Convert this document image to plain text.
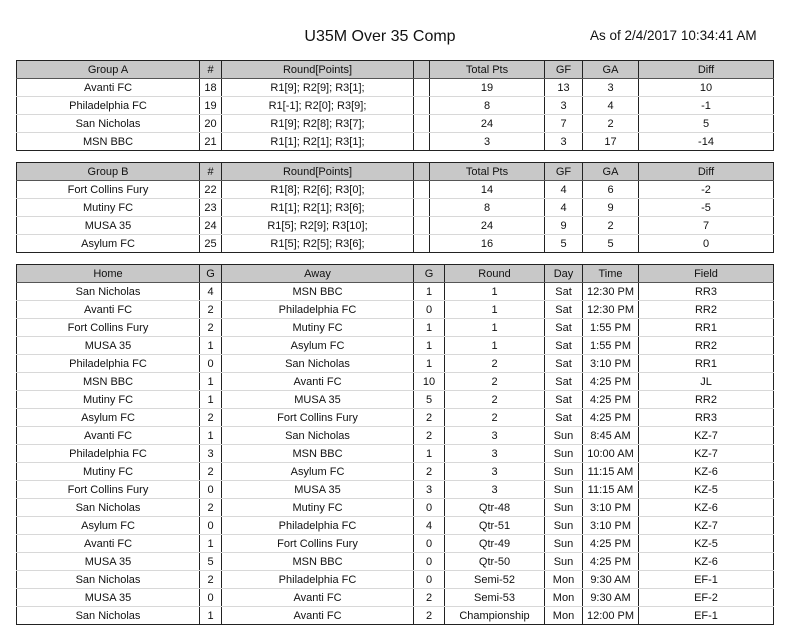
U35M Over 35 Comp	As of 2/4/2017 10:34:41 AM
Group A	#	Round[Points]		Total Pts	GF	GA	Diff
Avanti FC	18	R1[9]; R2[9]; R3[1];		19	13	3	10
Philadelphia FC	19	R1[-1]; R2[0]; R3[9];		8	3	4	-1
San Nicholas	20	R1[9]; R2[8]; R3[7];		24	7	2	5
MSN BBC	21	R1[1]; R2[1]; R3[1];		3	3	17	-14
Group B	#	Round[Points]		Total Pts	GF	GA	Diff
Fort Collins Fury	22	R1[8]; R2[6]; R3[0];		14	4	6	-2
Mutiny FC	23	R1[1]; R2[1]; R3[6];		8	4	9	-5
MUSA 35	24	R1[5]; R2[9]; R3[10];		24	9	2	7
Asylum FC	25	R1[5]; R2[5]; R3[6];		16	5	5	0
Home	G	Away	G	Round	Day	Time	Field
San Nicholas	4	MSN BBC	1	1	Sat	12:30 PM	RR3
Avanti FC	2	Philadelphia FC	0	1	Sat	12:30 PM	RR2
Fort Collins Fury	2	Mutiny FC	1	1	Sat	1:55 PM	RR1
MUSA 35	1	Asylum FC	1	1	Sat	1:55 PM	RR2
Philadelphia FC	0	San Nicholas	1	2	Sat	3:10 PM	RR1
MSN BBC	1	Avanti FC	10	2	Sat	4:25 PM	JL
Mutiny FC	1	MUSA 35	5	2	Sat	4:25 PM	RR2
Asylum FC	2	Fort Collins Fury	2	2	Sat	4:25 PM	RR3
Avanti FC	1	San Nicholas	2	3	Sun	8:45 AM	KZ-7
Philadelphia FC	3	MSN BBC	1	3	Sun	10:00 AM	KZ-7
Mutiny FC	2	Asylum FC	2	3	Sun	11:15 AM	KZ-6
Fort Collins Fury	0	MUSA 35	3	3	Sun	11:15 AM	KZ-5
San Nicholas	2	Mutiny FC	0	Qtr-48	Sun	3:10 PM	KZ-6
Asylum FC	0	Philadelphia FC	4	Qtr-51	Sun	3:10 PM	KZ-7
Avanti FC	1	Fort Collins Fury	0	Qtr-49	Sun	4:25 PM	KZ-5
MUSA 35	5	MSN BBC	0	Qtr-50	Sun	4:25 PM	KZ-6
San Nicholas	2	Philadelphia FC	0	Semi-52	Mon	9:30 AM	EF-1
MUSA 35	0	Avanti FC	2	Semi-53	Mon	9:30 AM	EF-2
San Nicholas	1	Avanti FC	2	Championship	Mon	12:00 PM	EF-1
